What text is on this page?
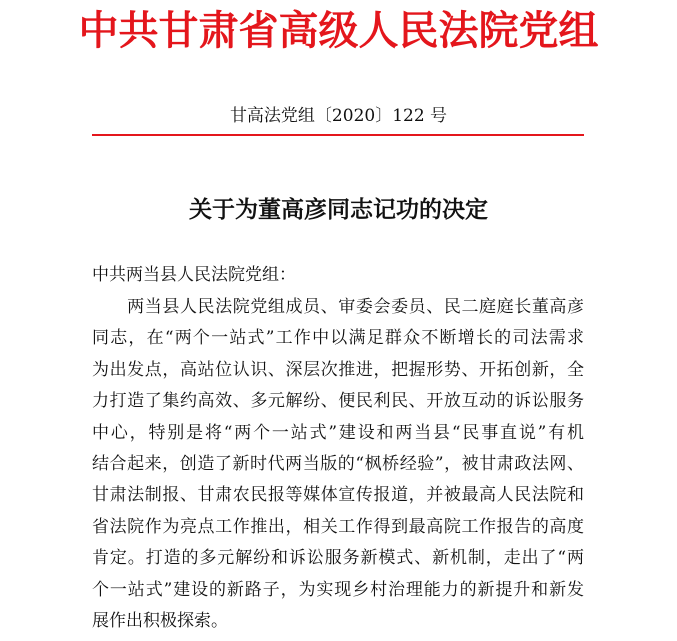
中共甘肃省高级人民法院党组
甘高法党组〔2020〕122 号
关于为董高彦同志记功的决定
中共两当县人民法院党组：
　　两当县人民法院党组成员、审委会委员、民二庭庭长董高彦
同志，在“两个一站式”工作中以满足群众不断增长的司法需求
为出发点，高站位认识、深层次推进，把握形势、开拓创新，全
力打造了集约高效、多元解纷、便民利民、开放互动的诉讼服务
中心，特别是将“两个一站式”建设和两当县“民事直说”有机
结合起来，创造了新时代两当版的“枫桥经验”，被甘肃政法网、
甘肃法制报、甘肃农民报等媒体宣传报道，并被最高人民法院和
省法院作为亮点工作推出，相关工作得到最高院工作报告的高度
肯定。打造的多元解纷和诉讼服务新模式、新机制，走出了“两
个一站式”建设的新路子，为实现乡村治理能力的新提升和新发
展作出积极探索。
